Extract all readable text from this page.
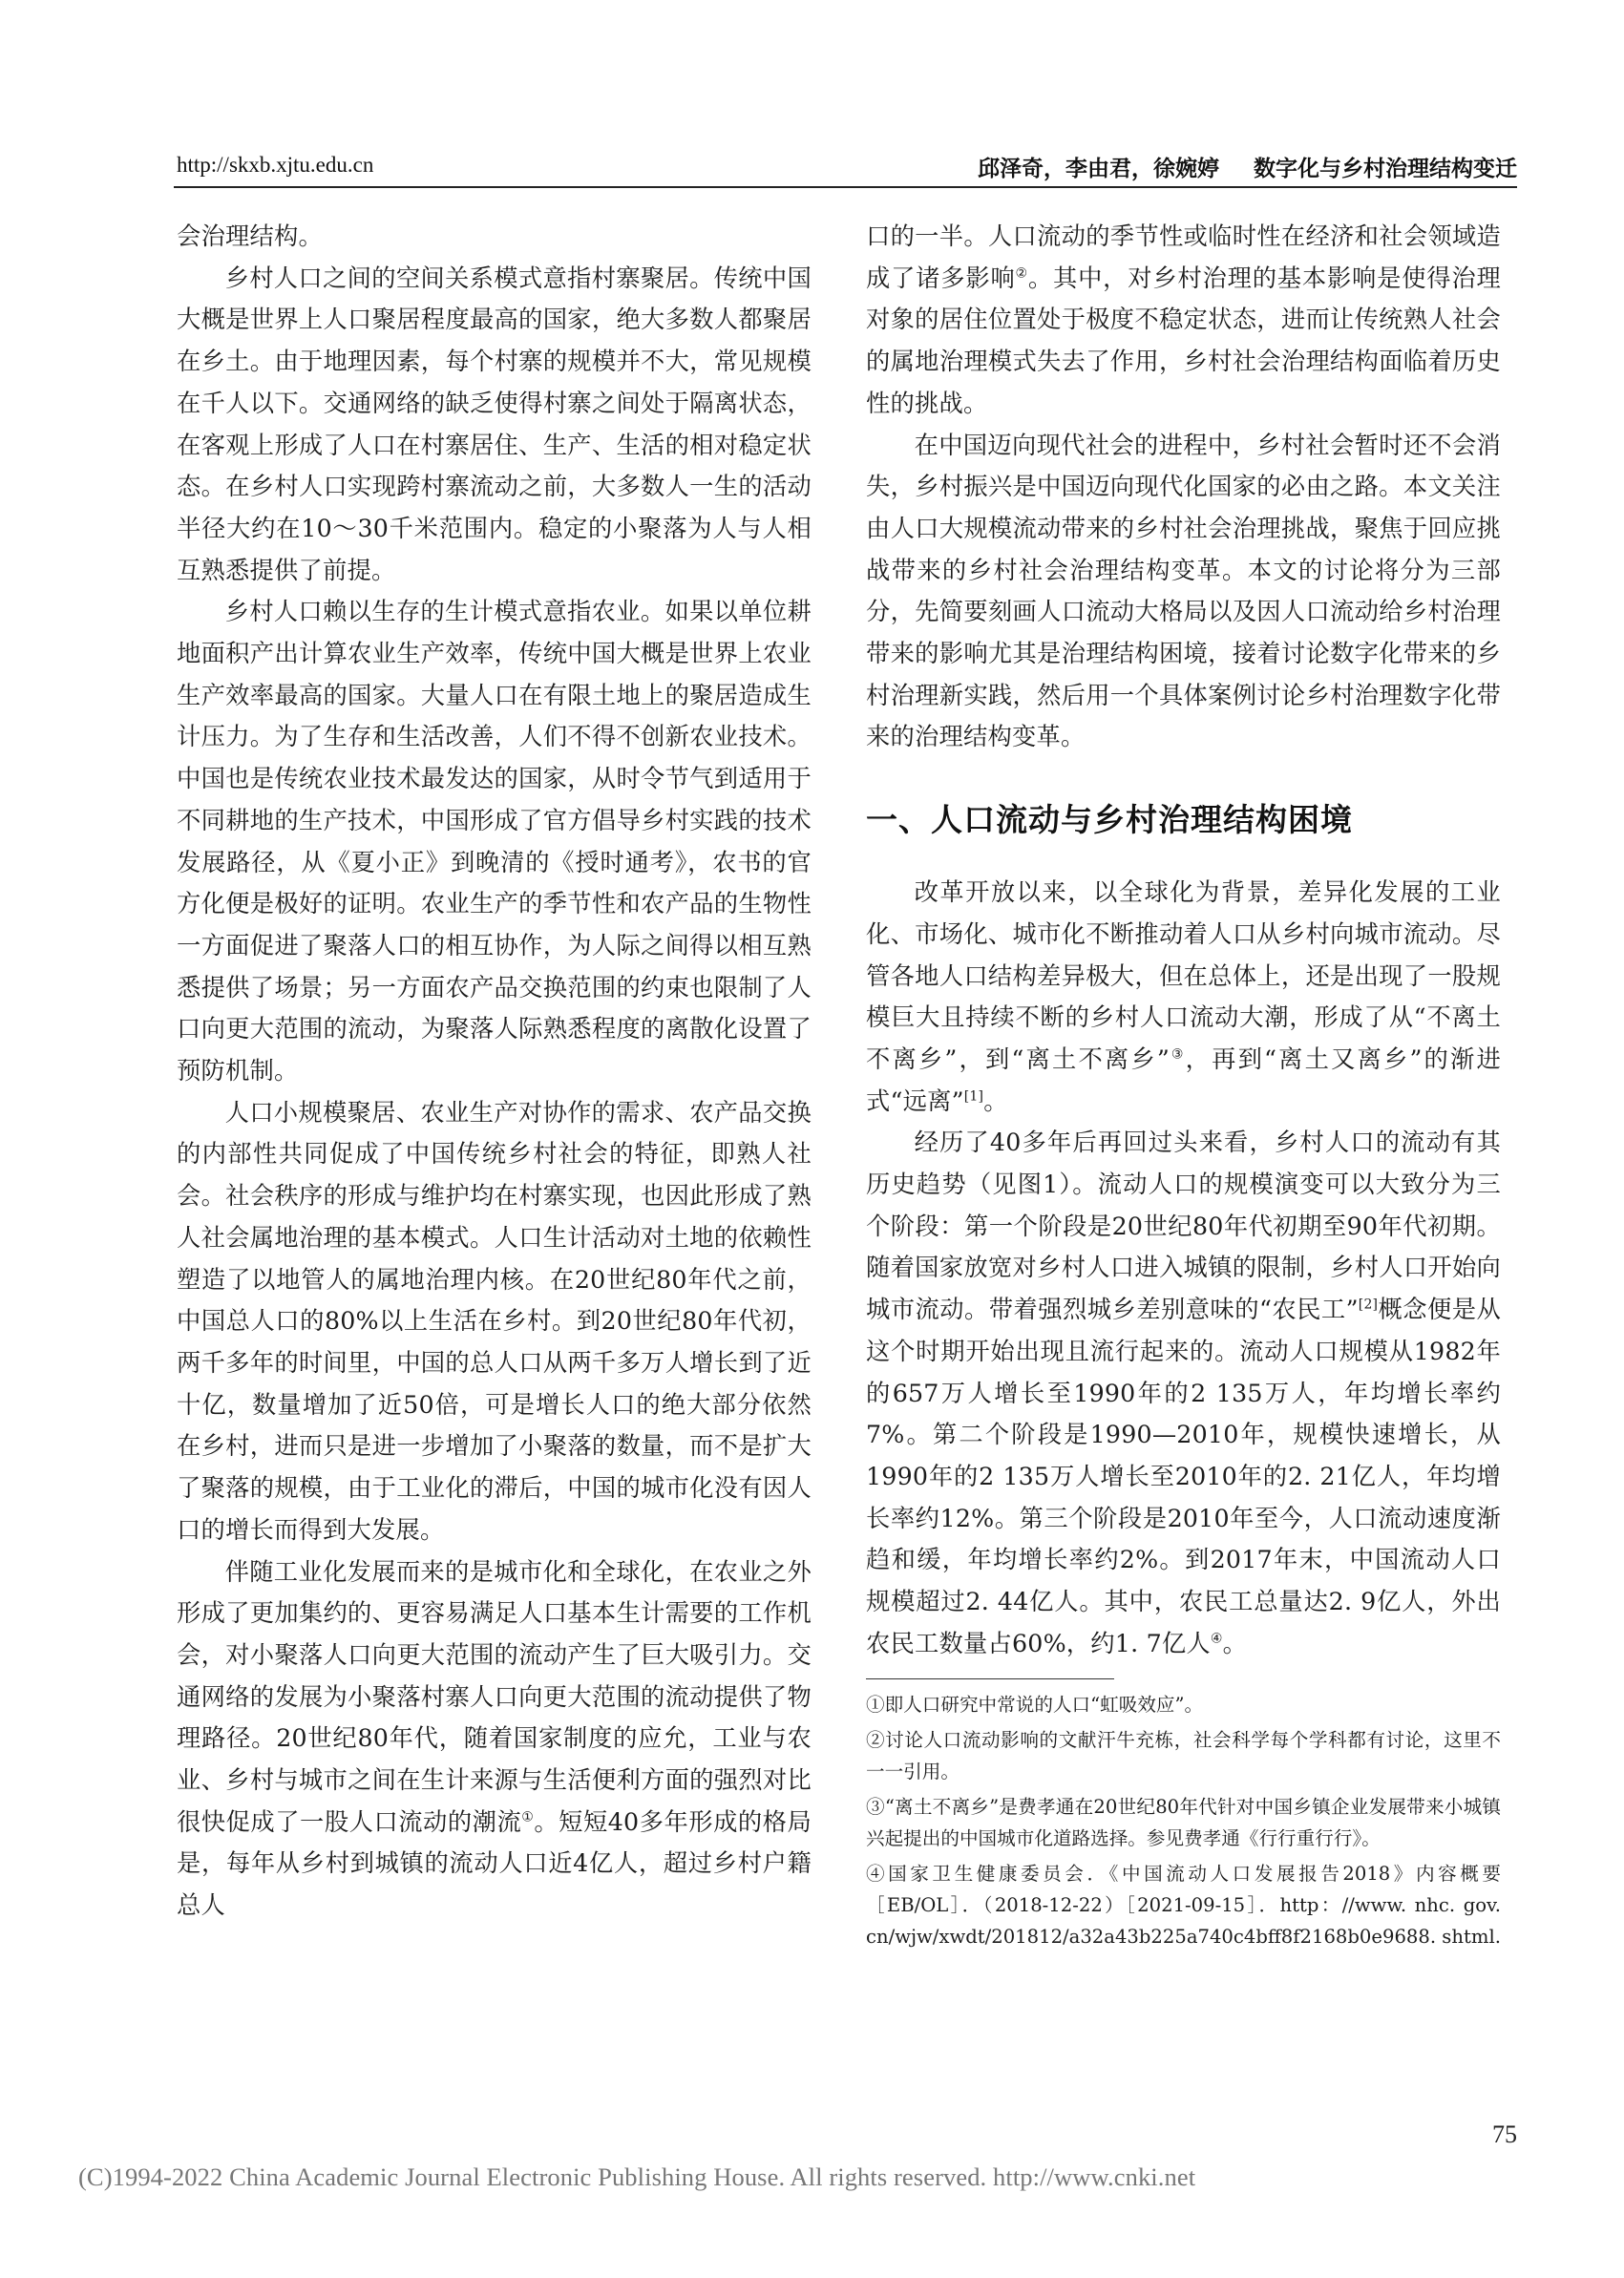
http://skxb.xjtu.edu.cn	邱泽奇，李由君，徐婉婷 数字化与乡村治理结构变迁

会治理结构。

乡村人口之间的空间关系模式意指村寨聚居。传统中国大概是世界上人口聚居程度最高的国家，绝大多数人都聚居在乡土。由于地理因素，每个村寨的规模并不大，常见规模在千人以下。交通网络的缺乏使得村寨之间处于隔离状态，在客观上形成了人口在村寨居住、生产、生活的相对稳定状态。在乡村人口实现跨村寨流动之前，大多数人一生的活动半径大约在10～30千米范围内。稳定的小聚落为人与人相互熟悉提供了前提。

乡村人口赖以生存的生计模式意指农业。如果以单位耕地面积产出计算农业生产效率，传统中国大概是世界上农业生产效率最高的国家。大量人口在有限土地上的聚居造成生计压力。为了生存和生活改善，人们不得不创新农业技术。中国也是传统农业技术最发达的国家，从时令节气到适用于不同耕地的生产技术，中国形成了官方倡导乡村实践的技术发展路径，从《夏小正》到晚清的《授时通考》，农书的官方化便是极好的证明。农业生产的季节性和农产品的生物性一方面促进了聚落人口的相互协作，为人际之间得以相互熟悉提供了场景；另一方面农产品交换范围的约束也限制了人口向更大范围的流动，为聚落人际熟悉程度的离散化设置了预防机制。

人口小规模聚居、农业生产对协作的需求、农产品交换的内部性共同促成了中国传统乡村社会的特征，即熟人社会。社会秩序的形成与维护均在村寨实现，也因此形成了熟人社会属地治理的基本模式。人口生计活动对土地的依赖性塑造了以地管人的属地治理内核。在20世纪80年代之前，中国总人口的80%以上生活在乡村。到20世纪80年代初，两千多年的时间里，中国的总人口从两千多万人增长到了近十亿，数量增加了近50倍，可是增长人口的绝大部分依然在乡村，进而只是进一步增加了小聚落的数量，而不是扩大了聚落的规模，由于工业化的滞后，中国的城市化没有因人口的增长而得到大发展。

伴随工业化发展而来的是城市化和全球化，在农业之外形成了更加集约的、更容易满足人口基本生计需要的工作机会，对小聚落人口向更大范围的流动产生了巨大吸引力。交通网络的发展为小聚落村寨人口向更大范围的流动提供了物理路径。20世纪80年代，随着国家制度的应允，工业与农业、乡村与城市之间在生计来源与生活便利方面的强烈对比很快促成了一股人口流动的潮流①。短短40多年形成的格局是，每年从乡村到城镇的流动人口近4亿人，超过乡村户籍总人

口的一半。人口流动的季节性或临时性在经济和社会领域造成了诸多影响②。其中，对乡村治理的基本影响是使得治理对象的居住位置处于极度不稳定状态，进而让传统熟人社会的属地治理模式失去了作用，乡村社会治理结构面临着历史性的挑战。

在中国迈向现代社会的进程中，乡村社会暂时还不会消失，乡村振兴是中国迈向现代化国家的必由之路。本文关注由人口大规模流动带来的乡村社会治理挑战，聚焦于回应挑战带来的乡村社会治理结构变革。本文的讨论将分为三部分，先简要刻画人口流动大格局以及因人口流动给乡村治理带来的影响尤其是治理结构困境，接着讨论数字化带来的乡村治理新实践，然后用一个具体案例讨论乡村治理数字化带来的治理结构变革。

一、人口流动与乡村治理结构困境

改革开放以来，以全球化为背景，差异化发展的工业化、市场化、城市化不断推动着人口从乡村向城市流动。尽管各地人口结构差异极大，但在总体上，还是出现了一股规模巨大且持续不断的乡村人口流动大潮，形成了从“不离土不离乡”，到“离土不离乡”③，再到“离土又离乡”的渐进式“远离”[1]。

经历了40多年后再回过头来看，乡村人口的流动有其历史趋势（见图1）。流动人口的规模演变可以大致分为三个阶段：第一个阶段是20世纪80年代初期至90年代初期。随着国家放宽对乡村人口进入城镇的限制，乡村人口开始向城市流动。带着强烈城乡差别意味的“农民工”[2]概念便是从这个时期开始出现且流行起来的。流动人口规模从1982年的657万人增长至1990年的2 135万人，年均增长率约7%。第二个阶段是1990—2010年，规模快速增长，从1990年的2 135万人增长至2010年的2. 21亿人，年均增长率约12%。第三个阶段是2010年至今，人口流动速度渐趋和缓，年均增长率约2%。到2017年末，中国流动人口规模超过2. 44亿人。其中，农民工总量达2. 9亿人，外出农民工数量占60%，约1. 7亿人④。

①即人口研究中常说的人口“虹吸效应”。

②讨论人口流动影响的文献汗牛充栋，社会科学每个学科都有讨论，这里不一一引用。

③“离土不离乡”是费孝通在20世纪80年代针对中国乡镇企业发展带来小城镇兴起提出的中国城市化道路选择。参见费孝通《行行重行行》。

④国家卫生健康委员会．《中国流动人口发展报告2018》内容概要［EB/OL］．（2018-12-22）［2021-09-15］．http：//www. nhc. gov. cn/wjw/xwdt/201812/a32a43b225a740c4bff8f2168b0e9688. shtml.

75
(C)1994-2022 China Academic Journal Electronic Publishing House. All rights reserved. http://www.cnki.net
